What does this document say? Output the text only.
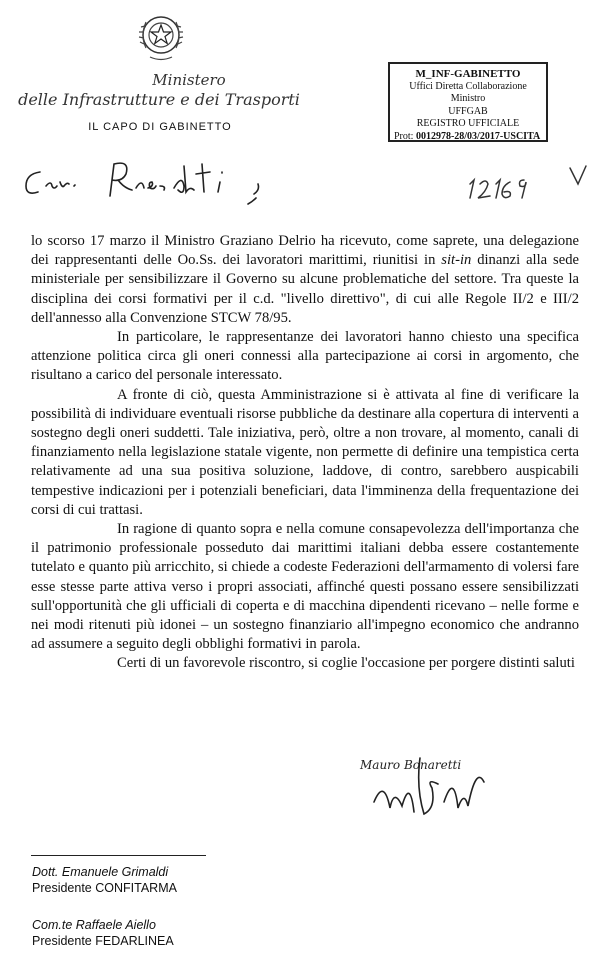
Ministero
delle Infrastrutture e dei Trasporti
IL CAPO DI GABINETTO
M_INF-GABINETTO
Uffici Diretta Collaborazione Ministro
UFFGAB
REGISTRO UFFICIALE
Prot: 0012978-28/03/2017-USCITA

lo scorso 17 marzo il Ministro Graziano Delrio ha ricevuto, come saprete, una delegazione dei rappresentanti delle Oo.Ss. dei lavoratori marittimi, riunitisi in sit-in dinanzi alla sede ministeriale per sensibilizzare il Governo su alcune problematiche del settore. Tra queste la disciplina dei corsi formativi per il c.d. "livello direttivo", di cui alle Regole II/2 e III/2 dell'annesso alla Convenzione STCW 78/95.

In particolare, le rappresentanze dei lavoratori hanno chiesto una specifica attenzione politica circa gli oneri connessi alla partecipazione ai corsi in argomento, che risultano a carico del personale interessato.

A fronte di ciò, questa Amministrazione si è attivata al fine di verificare la possibilità di individuare eventuali risorse pubbliche da destinare alla copertura di interventi a sostegno degli oneri suddetti. Tale iniziativa, però, oltre a non trovare, al momento, canali di finanziamento nella legislazione statale vigente, non permette di definire una tempistica certa relativamente ad una sua positiva soluzione, laddove, di contro, sarebbero auspicabili tempestive indicazioni per i potenziali beneficiari, data l'imminenza della frequentazione dei corsi di cui trattasi.

In ragione di quanto sopra e nella comune consapevolezza dell'importanza che il patrimonio professionale posseduto dai marittimi italiani debba essere costantemente tutelato e quanto più arricchito, si chiede a codeste Federazioni dell'armamento di volersi fare esse stesse parte attiva verso i propri associati, affinché questi possano essere sensibilizzati sull'opportunità che gli ufficiali di coperta e di macchina dipendenti ricevano – nelle forme e nei modi ritenuti più idonei – un sostegno finanziario all'impegno economico che andranno ad assumere a seguito degli obblighi formativi in parola.

Certi di un favorevole riscontro, si coglie l'occasione per porgere distinti saluti

Mauro Bonaretti
Dott. Emanuele Grimaldi
Presidente CONFITARMA
Com.te Raffaele Aiello
Presidente FEDARLINEA
